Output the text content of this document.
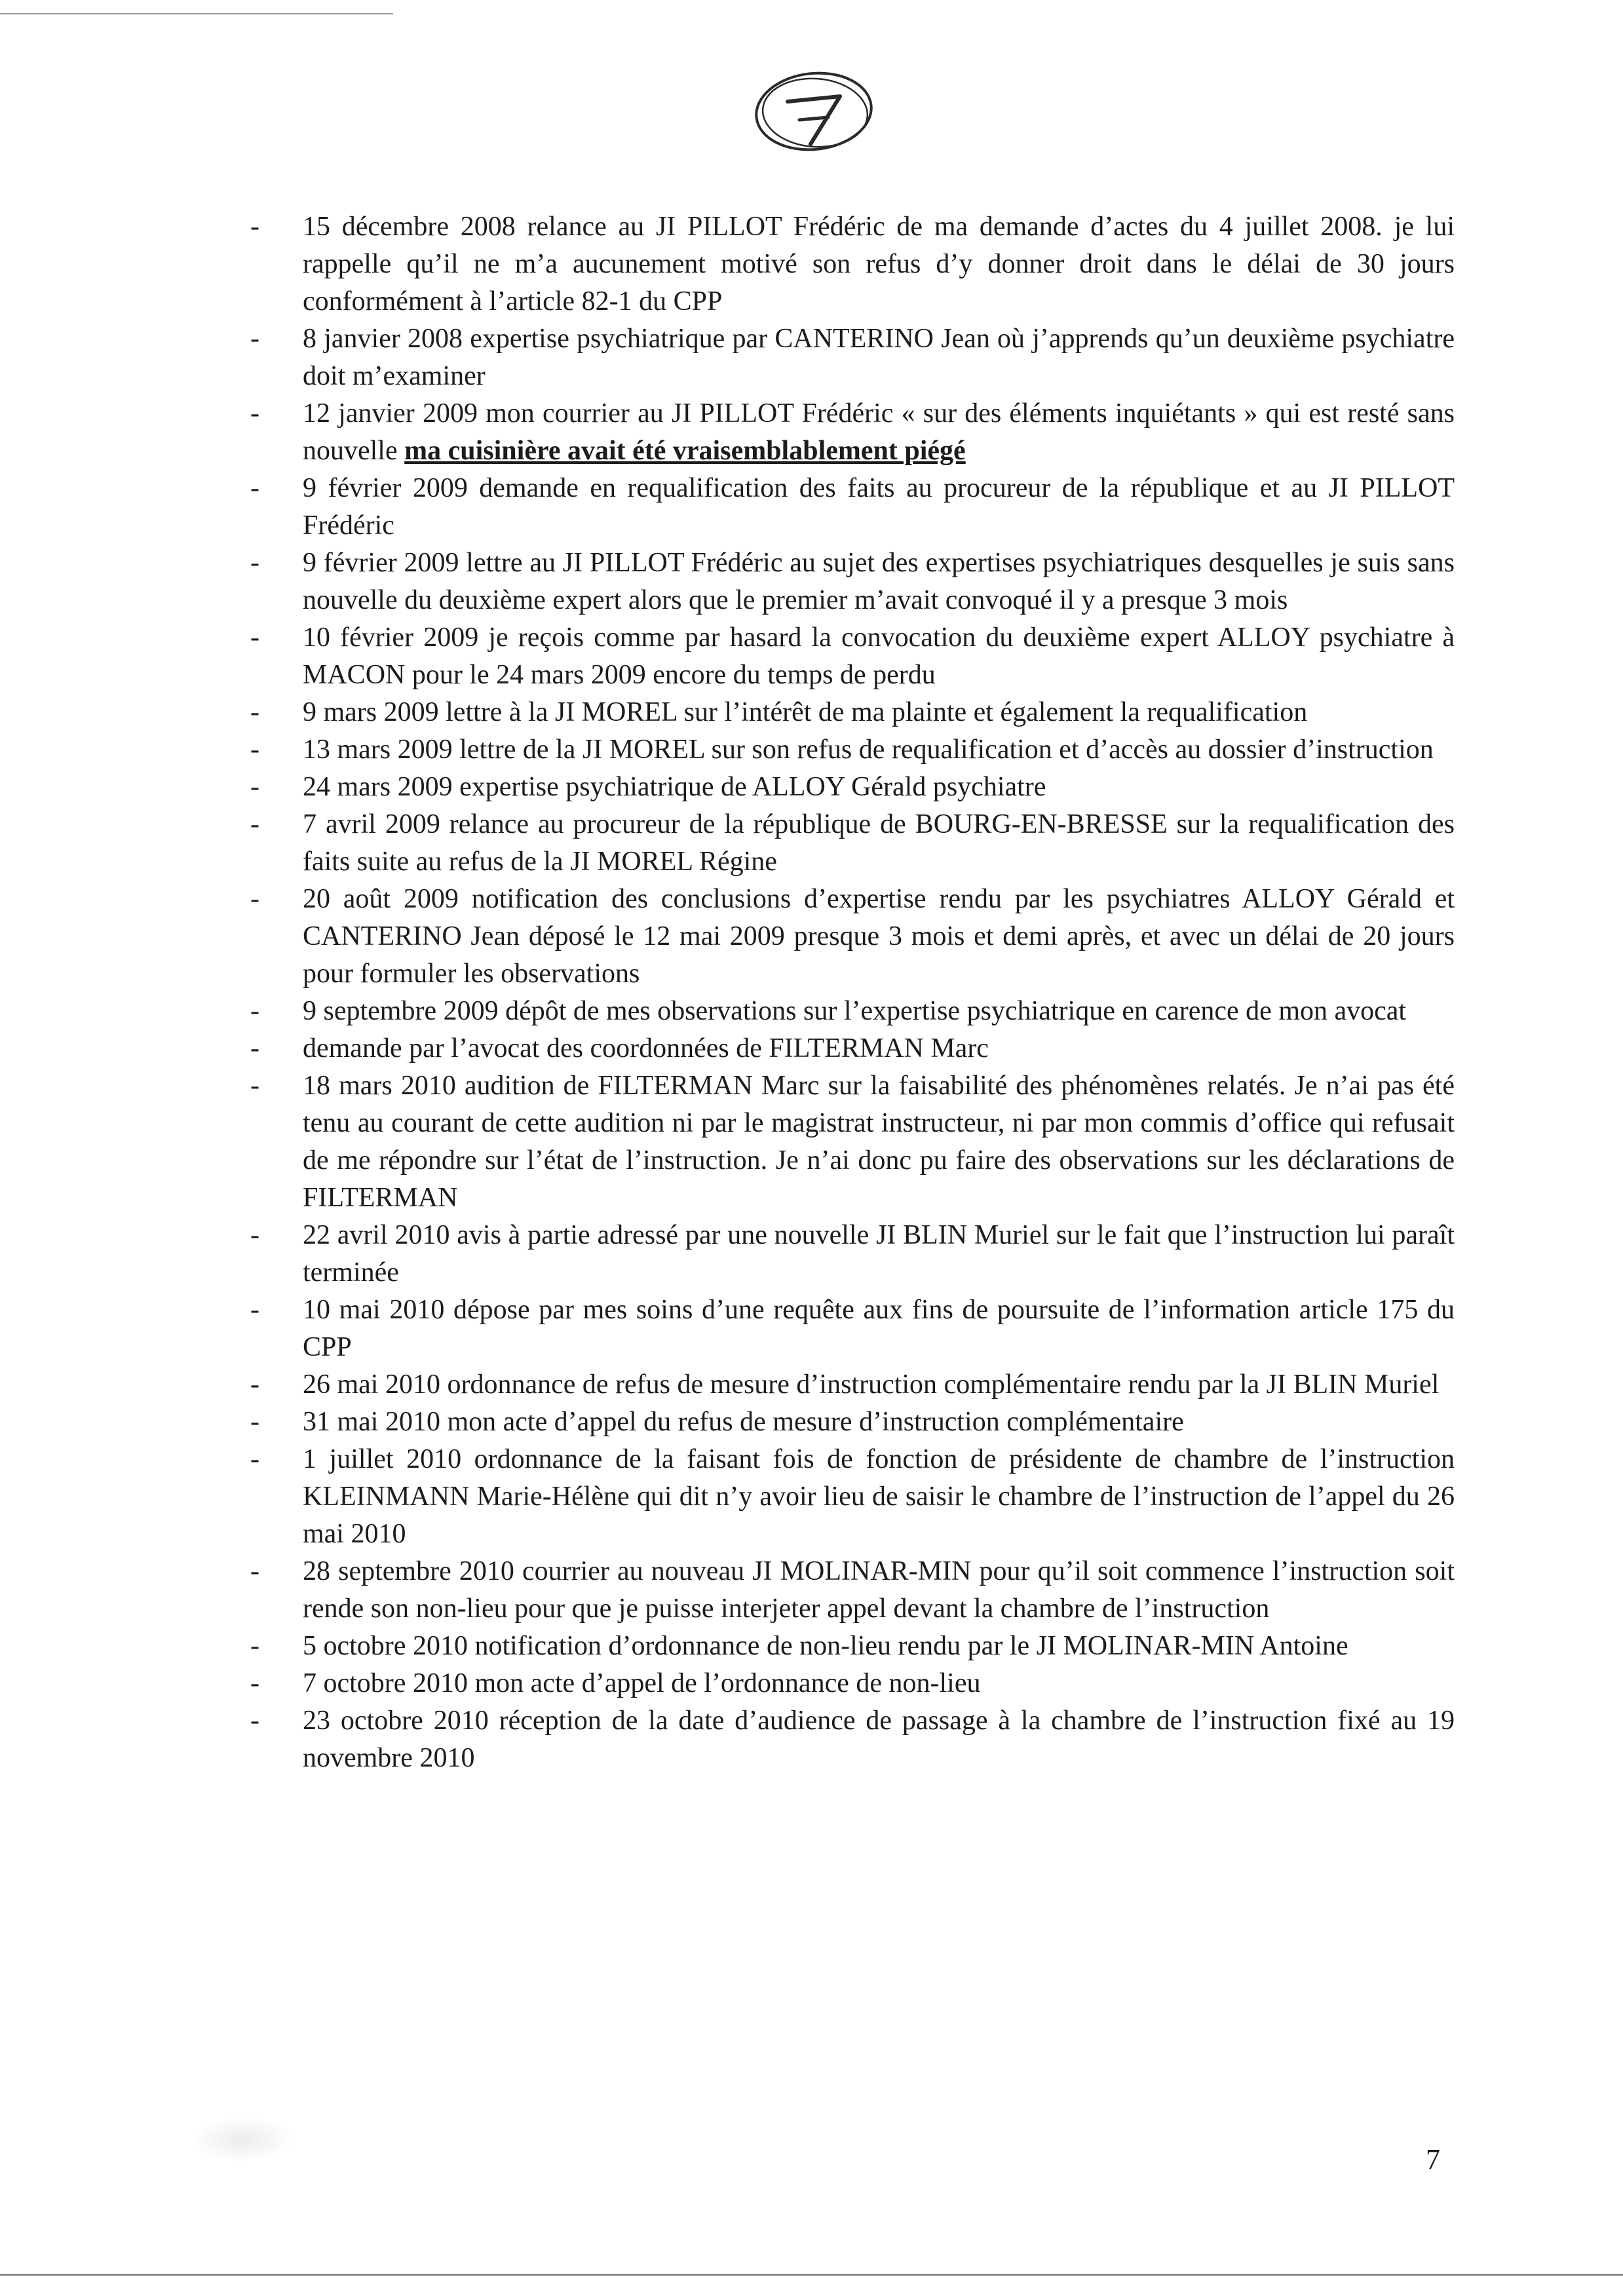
- 15 décembre 2008 relance au JI PILLOT Frédéric de ma demande d’actes du 4 juillet 2008. je lui rappelle qu’il ne m’a aucunement motivé son refus d’y donner droit dans le délai de 30 jours conformément à l’article 82-1 du CPP
- 8 janvier 2008 expertise psychiatrique par CANTERINO Jean où j’apprends qu’un deuxième psychiatre doit m’examiner
- 12 janvier 2009 mon courrier au JI PILLOT Frédéric « sur des éléments inquiétants » qui est resté sans nouvelle ma cuisinière avait été vraisemblablement piégé
- 9 février 2009 demande en requalification des faits au procureur de la république et au JI PILLOT Frédéric
- 9 février 2009 lettre au JI PILLOT Frédéric au sujet des expertises psychiatriques desquelles je suis sans nouvelle du deuxième expert alors que le premier m’avait convoqué il y a presque 3 mois
- 10 février 2009 je reçois comme par hasard la convocation du deuxième expert ALLOY psychiatre à MACON pour le 24 mars 2009 encore du temps de perdu
- 9 mars 2009 lettre à la JI MOREL sur l’intérêt de ma plainte et également la requalification
- 13 mars 2009 lettre de la JI MOREL sur son refus de requalification et d’accès au dossier d’instruction
- 24 mars 2009 expertise psychiatrique de ALLOY Gérald psychiatre
- 7 avril 2009 relance au procureur de la république de BOURG-EN-BRESSE sur la requalification des faits suite au refus de la JI MOREL Régine
- 20 août 2009 notification des conclusions d’expertise rendu par les psychiatres ALLOY Gérald et CANTERINO Jean déposé le 12 mai 2009 presque 3 mois et demi après, et avec un délai de 20 jours pour formuler les observations
- 9 septembre 2009 dépôt de mes observations sur l’expertise psychiatrique en carence de mon avocat
- demande par l’avocat des coordonnées de FILTERMAN Marc
- 18 mars 2010 audition de FILTERMAN Marc sur la faisabilité des phénomènes relatés. Je n’ai pas été tenu au courant de cette audition ni par le magistrat instructeur, ni par mon commis d’office qui refusait de me répondre sur l’état de l’instruction. Je n’ai donc pu faire des observations sur les déclarations de FILTERMAN
- 22 avril 2010 avis à partie adressé par une nouvelle JI BLIN Muriel sur le fait que l’instruction lui paraît terminée
- 10 mai 2010 dépose par mes soins d’une requête aux fins de poursuite de l’information article 175 du CPP
- 26 mai 2010 ordonnance de refus de mesure d’instruction complémentaire rendu par la JI BLIN Muriel
- 31 mai 2010 mon acte d’appel du refus de mesure d’instruction complémentaire
- 1 juillet 2010 ordonnance de la faisant fois de fonction de présidente de chambre de l’instruction KLEINMANN Marie-Hélène qui dit n’y avoir lieu de saisir le chambre de l’instruction de l’appel du 26 mai 2010
- 28 septembre 2010 courrier au nouveau JI MOLINAR-MIN pour qu’il soit commence l’instruction soit rende son non-lieu pour que je puisse interjeter appel devant la chambre de l’instruction
- 5 octobre 2010 notification d’ordonnance de non-lieu rendu par le JI MOLINAR-MIN Antoine
- 7 octobre 2010 mon acte d’appel de l’ordonnance de non-lieu
- 23 octobre 2010 réception de la date d’audience de passage à la chambre de l’instruction fixé au 19 novembre 2010
7
